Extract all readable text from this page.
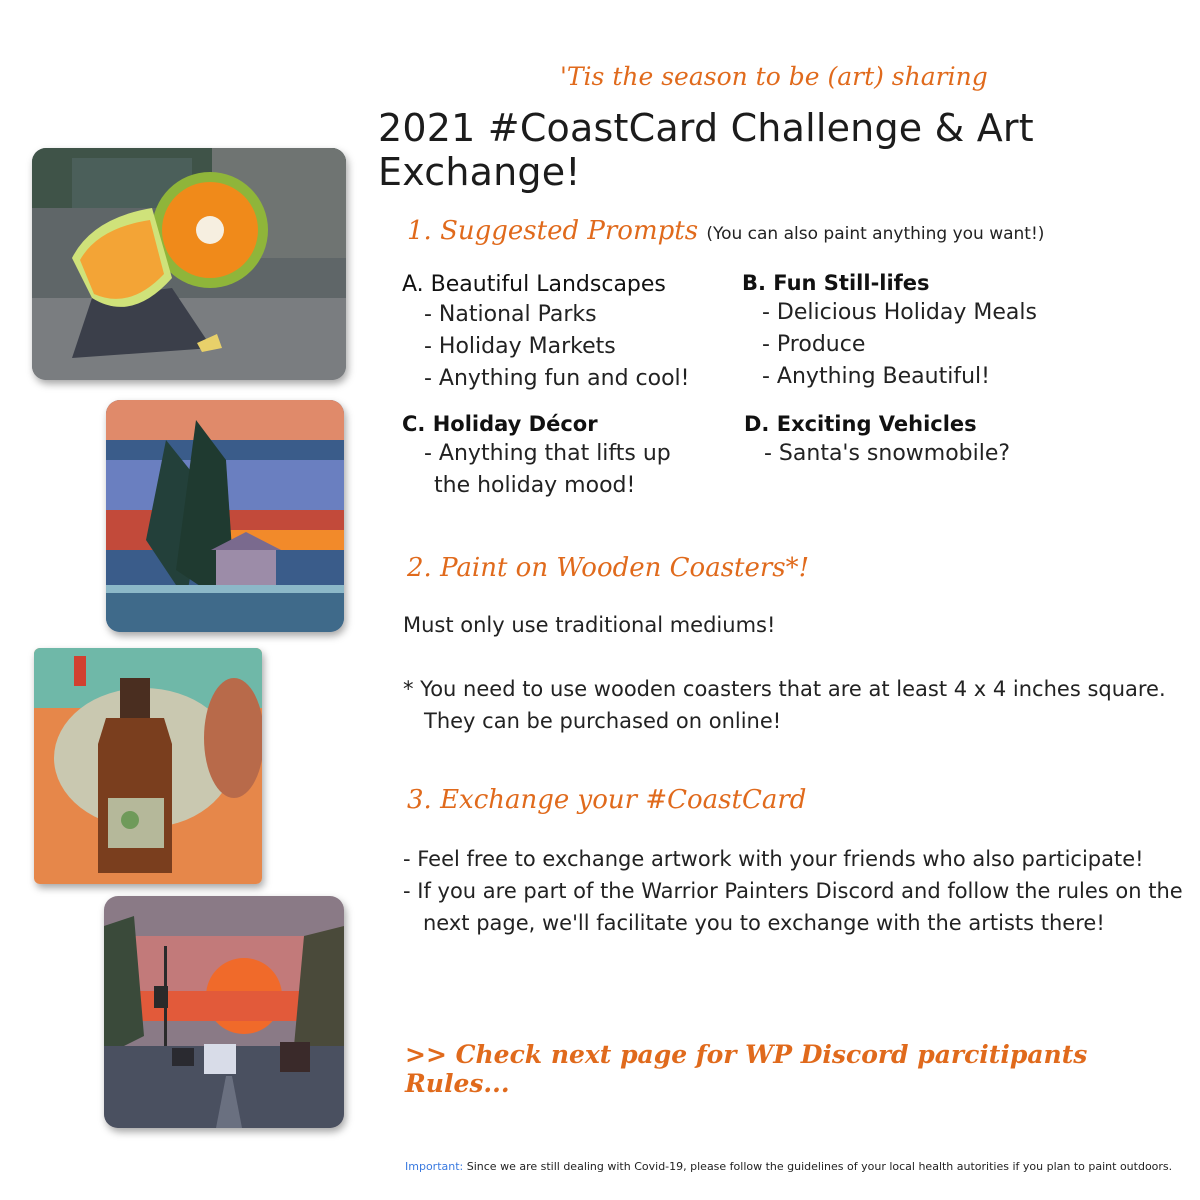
'Tis the season to be (art) sharing
2021 #CoastCard Challenge & Art Exchange!
1. Suggested Prompts (You can also paint anything you want!)
A. Beautiful Landscapes
- National Parks
- Holiday Markets
- Anything fun and cool!
B. Fun Still-lifes
- Delicious Holiday Meals
- Produce
- Anything Beautiful!
C. Holiday Décor
- Anything that lifts up
the holiday mood!
D. Exciting Vehicles
- Santa's snowmobile?
2. Paint on Wooden Coasters*!
Must only use traditional mediums!
* You need to use wooden coasters that are at least 4 x 4 inches square.
They can be purchased on online!
3. Exchange your #CoastCard
- Feel free to exchange artwork with your friends who also participate!
- If you are part of the Warrior Painters Discord and follow the rules on the
next page, we'll facilitate you to exchange with the artists there!
>> Check next page for WP Discord parcitipants Rules...
Important: Since we are still dealing with Covid-19, please follow the guidelines of your local health autorities if you plan to paint outdoors.
